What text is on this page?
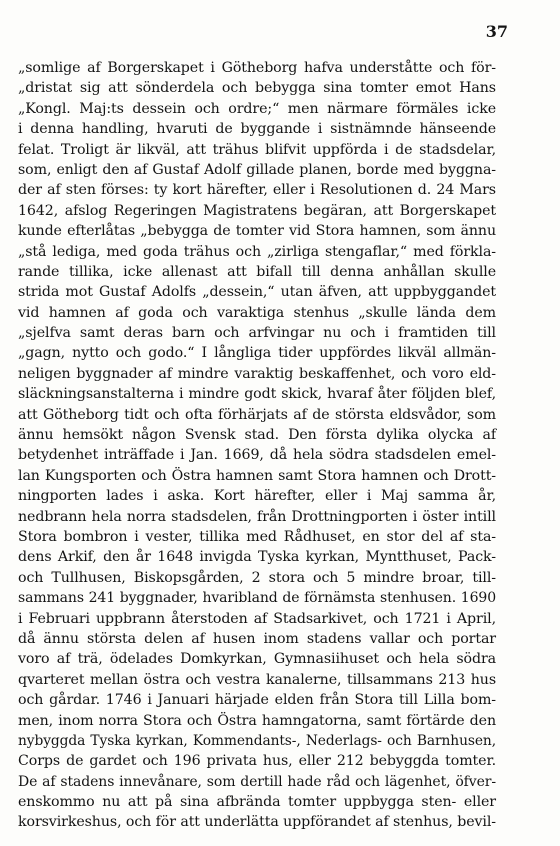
37
„somlige af Borgerskapet i Götheborg hafva underståtte och för-
„dristat sig att sönderdela och bebygga sina tomter emot Hans
„Kongl. Maj:ts dessein och ordre;“ men närmare förmäles icke
i denna handling, hvaruti de byggande i sistnämnde hänseende
felat. Troligt är likväl, att trähus blifvit uppförda i de stadsdelar,
som, enligt den af Gustaf Adolf gillade planen, borde med byggna-
der af sten förses: ty kort härefter, eller i Resolutionen d. 24 Mars
1642, afslog Regeringen Magistratens begäran, att Borgerskapet
kunde efterlåtas „bebygga de tomter vid Stora hamnen, som ännu
„stå lediga, med goda trähus och „zirliga stengaflar,“ med förkla-
rande tillika, icke allenast att bifall till denna anhållan skulle
strida mot Gustaf Adolfs „dessein,“ utan äfven, att uppbyggandet
vid hamnen af goda och varaktiga stenhus „skulle lända dem
„sjelfva samt deras barn och arfvingar nu och i framtiden till
„gagn, nytto och godo.“ I långliga tider uppfördes likväl allmän-
neligen byggnader af mindre varaktig beskaffenhet, och voro eld-
släckningsanstalterna i mindre godt skick, hvaraf åter följden blef,
att Götheborg tidt och ofta förhärjats af de största eldsvådor, som
ännu hemsökt någon Svensk stad. Den första dylika olycka af
betydenhet inträffade i Jan. 1669, då hela södra stadsdelen emel-
lan Kungsporten och Östra hamnen samt Stora hamnen och Drott-
ningporten lades i aska. Kort härefter, eller i Maj samma år,
nedbrann hela norra stadsdelen, från Drottningporten i öster intill
Stora bombron i vester, tillika med Rådhuset, en stor del af sta-
dens Arkif, den år 1648 invigda Tyska kyrkan, Myntthuset, Pack-
och Tullhusen, Biskopsgården, 2 stora och 5 mindre broar, till-
sammans 241 byggnader, hvaribland de förnämsta stenhusen. 1690
i Februari uppbrann återstoden af Stadsarkivet, och 1721 i April,
då ännu största delen af husen inom stadens vallar och portar
voro af trä, ödelades Domkyrkan, Gymnasiihuset och hela södra
qvarteret mellan östra och vestra kanalerne, tillsammans 213 hus
och gårdar. 1746 i Januari härjade elden från Stora till Lilla bom-
men, inom norra Stora och Östra hamngatorna, samt förtärde den
nybyggda Tyska kyrkan, Kommendants-, Nederlags- och Barnhusen,
Corps de gardet och 196 privata hus, eller 212 bebyggda tomter.
De af stadens innevånare, som dertill hade råd och lägenhet, öfver-
enskommo nu att på sina afbrända tomter uppbygga sten- eller
korsvirkeshus, och för att underlätta uppförandet af stenhus, bevil-
